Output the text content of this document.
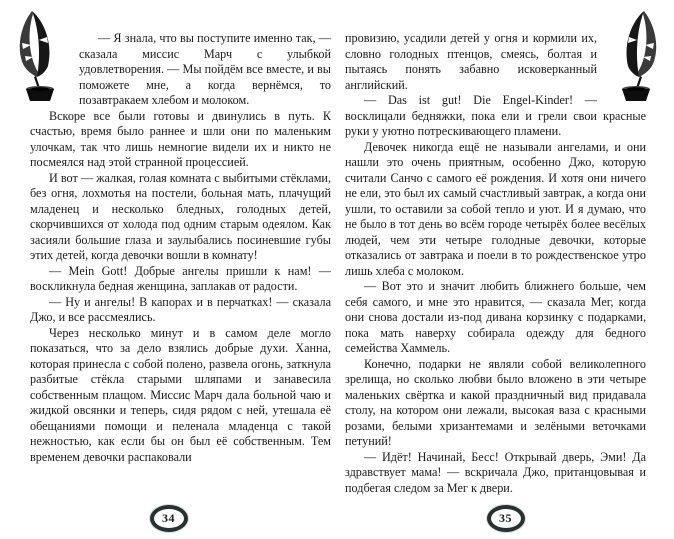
— Я знала, что вы поступите именно так, — сказала миссис Марч с улыбкой удовлетворения. — Мы пойдём все вместе, и вы поможете мне, а когда вернёмся, то позавтракаем хлебом и молоком.

Вскоре все были готовы и двинулись в путь. К счастью, время было раннее и шли они по маленьким улочкам, так что лишь немногие видели их и никто не посмеялся над этой странной процессией.

И вот — жалкая, голая комната с выбитыми стёклами, без огня, лохмотья на постели, больная мать, плачущий младенец и несколько бледных, голодных детей, скорчившихся от холода под одним старым одеялом. Как засияли большие глаза и заулыбались посиневшие губы этих детей, когда девочки вошли в комнату!

— Mein Gott! Добрые ангелы пришли к нам! — воскликнула бедная женщина, заплакав от радости.

— Ну и ангелы! В капорах и в перчатках! — сказала Джо, и все рассмеялись.

Через несколько минут и в самом деле могло показаться, что за дело взялись добрые духи. Ханна, которая принесла с собой полено, развела огонь, заткнула разбитые стёкла старыми шляпами и занавесила собственным плащом. Миссис Марч дала больной чаю и жидкой овсянки и теперь, сидя рядом с ней, утешала её обещаниями помощи и пеленала младенца с такой нежностью, как если бы он был её собственным. Тем временем девочки распаковали

34

провизию, усадили детей у огня и кормили их, словно голодных птенцов, смеясь, болтая и пытаясь понять забавно исковерканный английский.

— Das ist gut! Die Engel-Kinder! — восклицали бедняжки, пока ели и грели свои красные руки у уютно потрескивающего пламени.

Девочек никогда ещё не называли ангелами, и они нашли это очень приятным, особенно Джо, которую считали Санчо с самого её рождения. И хотя они ничего не ели, это был их самый счастливый завтрак, а когда они ушли, то оставили за собой тепло и уют. И я думаю, что не было в тот день во всём городе четырёх более весёлых людей, чем эти четыре голодные девочки, которые отказались от завтрака и поели в то рождественское утро лишь хлеба с молоком.

— Вот это и значит любить ближнего больше, чем себя самого, и мне это нравится, — сказала Мег, когда они снова достали из-под дивана корзинку с подарками, пока мать наверху собирала одежду для бедного семейства Хаммель.

Конечно, подарки не являли собой великолепного зрелища, но сколько любви было вложено в эти четыре маленьких свёртка и какой праздничный вид придавала столу, на котором они лежали, высокая ваза с красными розами, белыми хризантемами и зелёными веточками петуний!

— Идёт! Начинай, Бесс! Открывай дверь, Эми! Да здравствует мама! — вскричала Джо, пританцовывая и подбегая следом за Мег к двери.

35
